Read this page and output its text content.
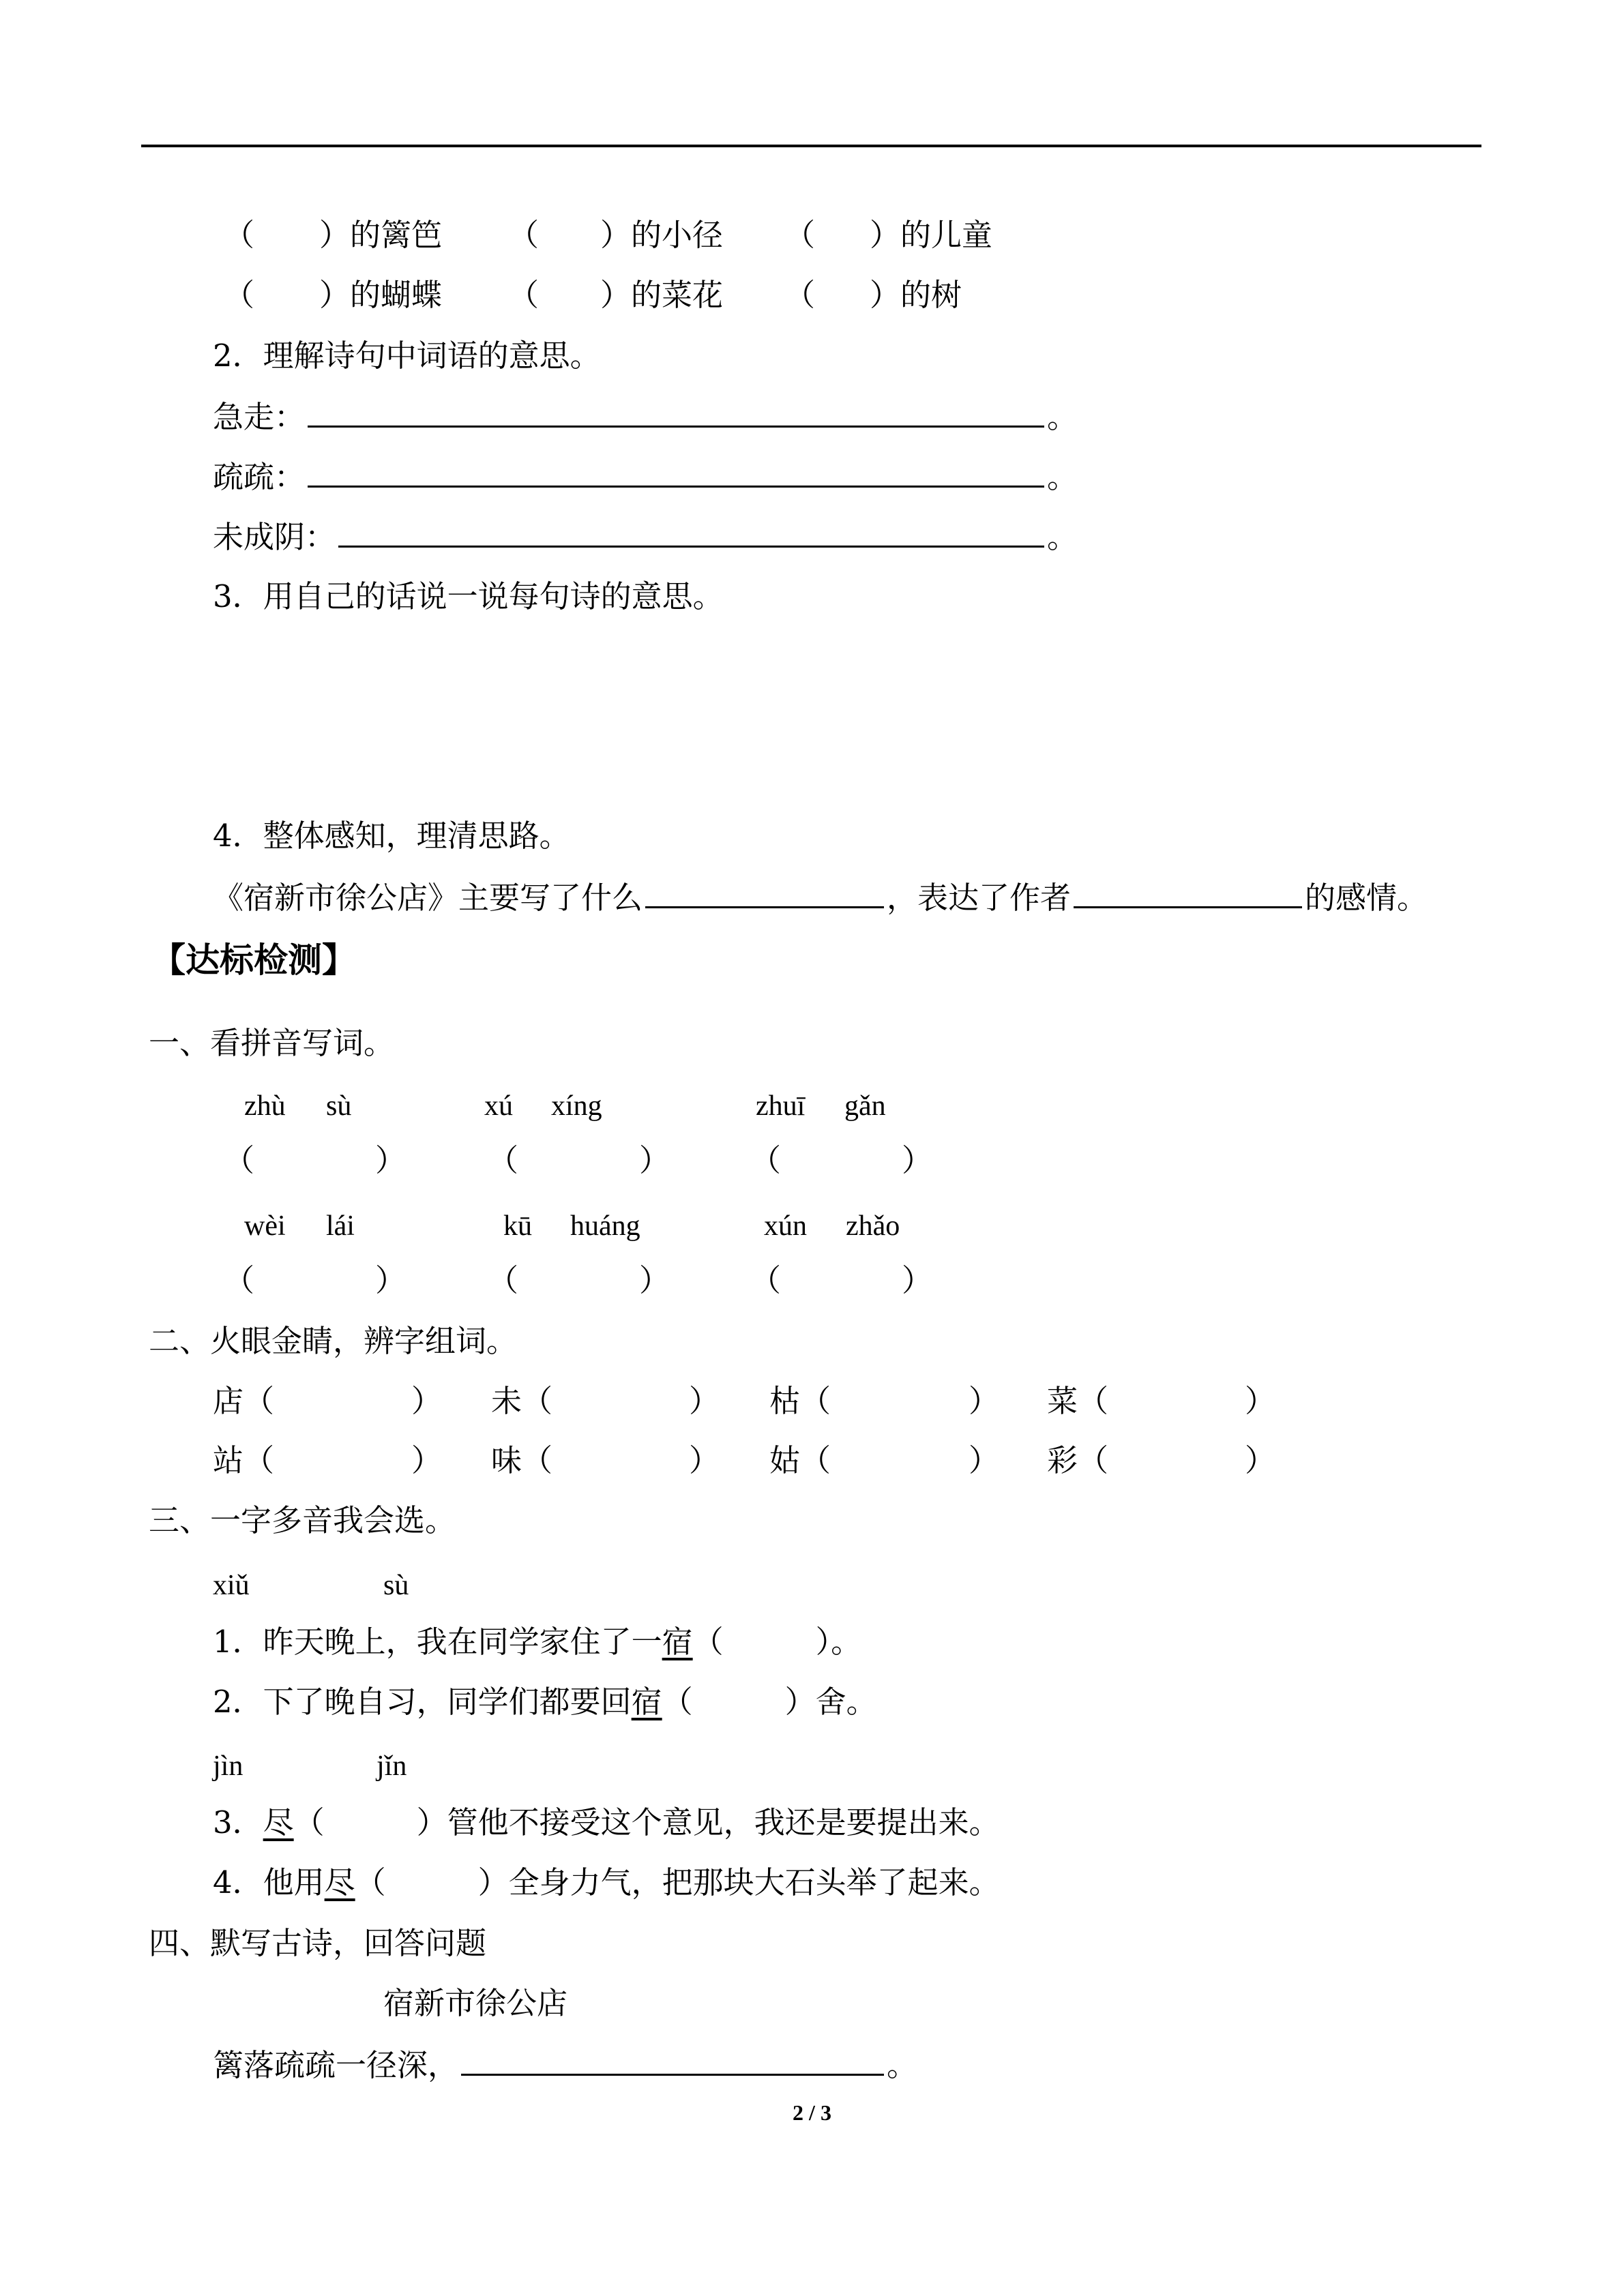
（ ）的篱笆 （ ）的小径 （ ）的儿童
（ ）的蝴蝶 （ ）的菜花 （ ）的树
2．理解诗句中词语的意思。
急走：	。
疏疏：	。
未成阴：	。
3．用自己的话说一说每句诗的意思。
4．整体感知，理清思路。
《宿新市徐公店》主要写了什么	，表达了作者	的感情。
【达标检测】
一、看拼音写词。
zhù sù	xú xíng	zhuī gǎn
（	）	（	）	（	）
wèi lái	kū huáng	xún zhǎo
（	）	（	）	（	）
二、火眼金睛，辨字组词。
店（	） 未（	） 枯（	） 菜（	）
站（	） 味（	） 姑（	） 彩（	）
三、一字多音我会选。
xiǔ	sù
1．昨天晚上，我在同学家住了一宿（　　　）。
2．下了晚自习，同学们都要回宿（　　　）舍。
jìn	jǐn
3．尽（　　　）管他不接受这个意见，我还是要提出来。
4．他用尽（　　　）全身力气，把那块大石头举了起来。
四、默写古诗，回答问题
宿新市徐公店
篱落疏疏一径深，	。
2 / 3
